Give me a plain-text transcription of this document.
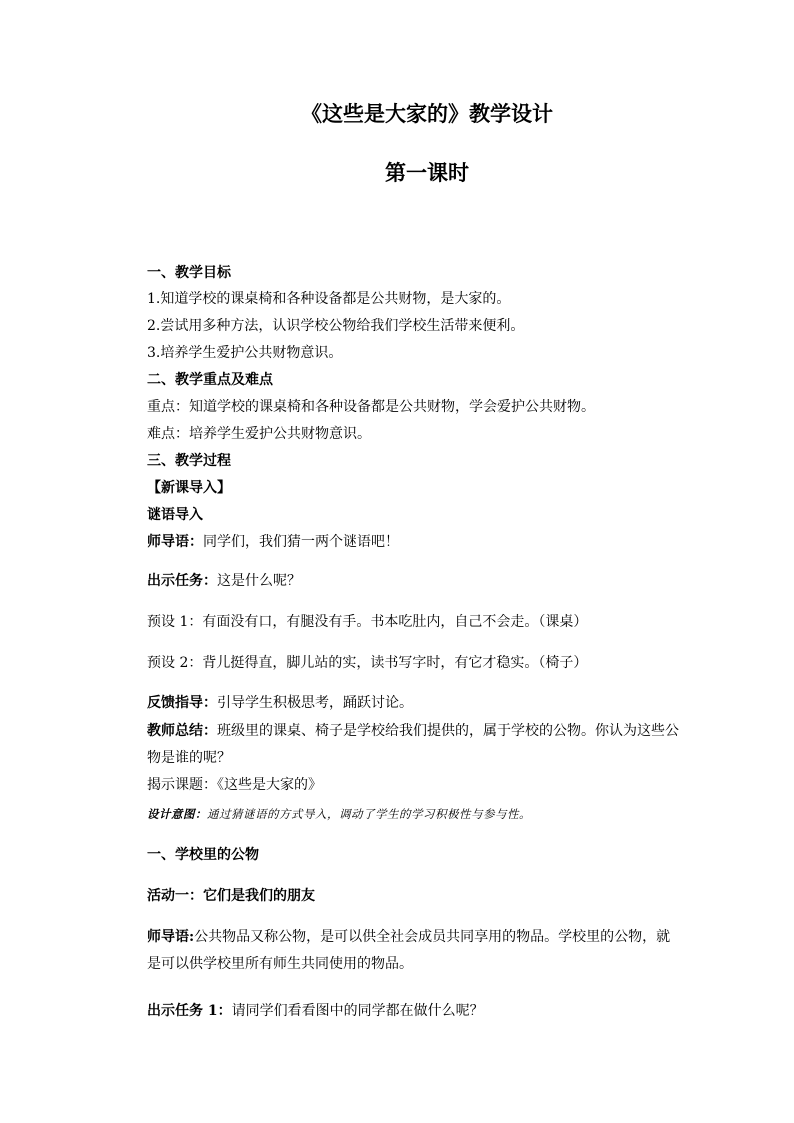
《这些是大家的》教学设计
第一课时
一、教学目标
1.知道学校的课桌椅和各种设备都是公共财物，是大家的。
2.尝试用多种方法，认识学校公物给我们学校生活带来便利。
3.培养学生爱护公共财物意识。
二、教学重点及难点
重点：知道学校的课桌椅和各种设备都是公共财物，学会爱护公共财物。
难点：培养学生爱护公共财物意识。
三、教学过程
【新课导入】
谜语导入
师导语：同学们，我们猜一两个谜语吧！
出示任务：这是什么呢？
预设 1：有面没有口，有腿没有手。书本吃肚内，自己不会走。（课桌）
预设 2：背儿挺得直，脚儿站的实，读书写字时，有它才稳实。（椅子）
反馈指导：引导学生积极思考，踊跃讨论。
教师总结：班级里的课桌、椅子是学校给我们提供的，属于学校的公物。你认为这些公
物是谁的呢？
揭示课题：《这些是大家的》
设计意图：通过猜谜语的方式导入，调动了学生的学习积极性与参与性。
一、学校里的公物
活动一：它们是我们的朋友
师导语:公共物品又称公物，是可以供全社会成员共同享用的物品。学校里的公物，就
是可以供学校里所有师生共同使用的物品。
出示任务 1：请同学们看看图中的同学都在做什么呢？
